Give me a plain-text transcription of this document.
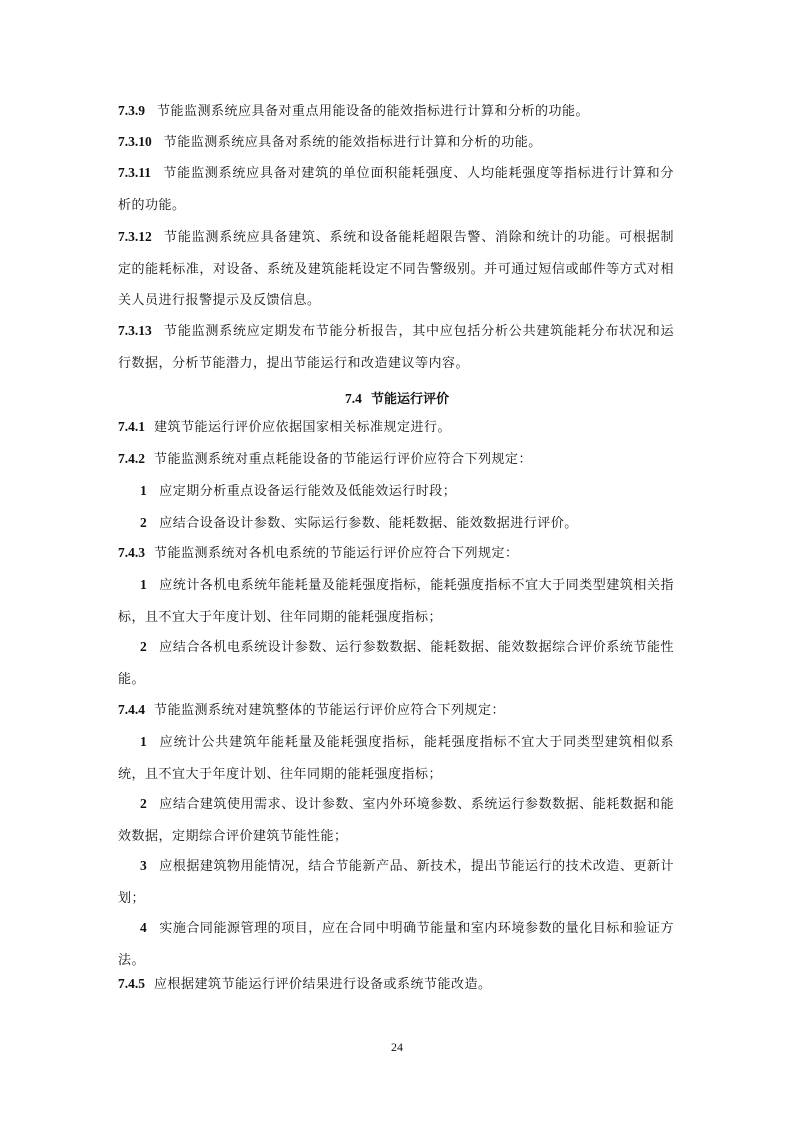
7.3.9 节能监测系统应具备对重点用能设备的能效指标进行计算和分析的功能。
7.3.10 节能监测系统应具备对系统的能效指标进行计算和分析的功能。
7.3.11 节能监测系统应具备对建筑的单位面积能耗强度、人均能耗强度等指标进行计算和分析的功能。
7.3.12 节能监测系统应具备建筑、系统和设备能耗超限告警、消除和统计的功能。可根据制定的能耗标准，对设备、系统及建筑能耗设定不同告警级别。并可通过短信或邮件等方式对相关人员进行报警提示及反馈信息。
7.3.13 节能监测系统应定期发布节能分析报告，其中应包括分析公共建筑能耗分布状况和运行数据，分析节能潜力，提出节能运行和改造建议等内容。
7.4 节能运行评价
7.4.1 建筑节能运行评价应依据国家相关标准规定进行。
7.4.2 节能监测系统对重点耗能设备的节能运行评价应符合下列规定：
1 应定期分析重点设备运行能效及低能效运行时段；
2 应结合设备设计参数、实际运行参数、能耗数据、能效数据进行评价。
7.4.3 节能监测系统对各机电系统的节能运行评价应符合下列规定：
1 应统计各机电系统年能耗量及能耗强度指标，能耗强度指标不宜大于同类型建筑相关指标，且不宜大于年度计划、往年同期的能耗强度指标；
2 应结合各机电系统设计参数、运行参数数据、能耗数据、能效数据综合评价系统节能性能。
7.4.4 节能监测系统对建筑整体的节能运行评价应符合下列规定：
1 应统计公共建筑年能耗量及能耗强度指标，能耗强度指标不宜大于同类型建筑相似系统，且不宜大于年度计划、往年同期的能耗强度指标；
2 应结合建筑使用需求、设计参数、室内外环境参数、系统运行参数数据、能耗数据和能效数据，定期综合评价建筑节能性能；
3 应根据建筑物用能情况，结合节能新产品、新技术，提出节能运行的技术改造、更新计划；
4 实施合同能源管理的项目，应在合同中明确节能量和室内环境参数的量化目标和验证方法。
7.4.5 应根据建筑节能运行评价结果进行设备或系统节能改造。
24
